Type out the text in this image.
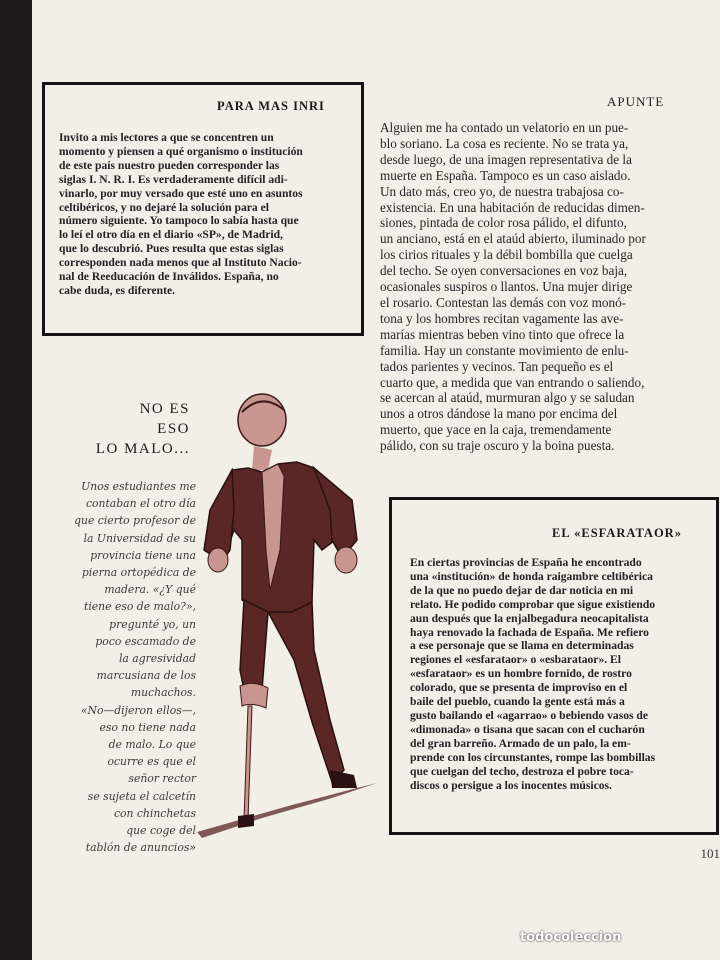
PARA MAS INRI
Invito a mis lectores a que se concentren un
momento y piensen a qué organismo o institución
de este país nuestro pueden corresponder las
siglas I. N. R. I. Es verdaderamente difícil adi-
vinarlo, por muy versado que esté uno en asuntos
celtibéricos, y no dejaré la solución para el
número siguiente. Yo tampoco lo sabía hasta que
lo leí el otro día en el diario «SP», de Madrid,
que lo descubrió. Pues resulta que estas siglas
corresponden nada menos que al Instituto Nacio-
nal de Reeducación de Inválidos. España, no
cabe duda, es diferente.
APUNTE
Alguien me ha contado un velatorio en un pue-
blo soriano. La cosa es reciente. No se trata ya,
desde luego, de una imagen representativa de la
muerte en España. Tampoco es un caso aislado.
Un dato más, creo yo, de nuestra trabajosa co-
existencia. En una habitación de reducidas dimen-
siones, pintada de color rosa pálido, el difunto,
un anciano, está en el ataúd abierto, iluminado por
los cirios rituales y la débil bombilla que cuelga
del techo. Se oyen conversaciones en voz baja,
ocasionales suspiros o llantos. Una mujer dirige
el rosario. Contestan las demás con voz monó-
tona y los hombres recitan vagamente las ave-
marías mientras beben vino tinto que ofrece la
familia. Hay un constante movimiento de enlu-
tados parientes y vecinos. Tan pequeño es el
cuarto que, a medida que van entrando o saliendo,
se acercan al ataúd, murmuran algo y se saludan
unos a otros dándose la mano por encima del
muerto, que yace en la caja, tremendamente
pálido, con su traje oscuro y la boina puesta.
NO ES
ESO
LO MALO...
Unos estudiantes me
contaban el otro día
que cierto profesor de
la Universidad de su
provincia tiene una
pierna ortopédica de
madera. «¿Y qué
tiene eso de malo?»,
pregunté yo, un
poco escamado de
la agresividad
marcusiana de los
muchachos.
«No—dijeron ellos—,
eso no tiene nada
de malo. Lo que
ocurre es que el
señor rector
se sujeta el calcetín
con chinchetas
que coge del
tablón de anuncios»
EL «ESFARATAOR»
En ciertas provincias de España he encontrado
una «institución» de honda raigambre celtibérica
de la que no puedo dejar de dar noticia en mi
relato. He podido comprobar que sigue existiendo
aun después que la enjalbegadura neocapitalista
haya renovado la fachada de España. Me refiero
a ese personaje que se llama en determinadas
regiones el «esfarataor» o «esbarataor». El
«esfarataor» es un hombre fornido, de rostro
colorado, que se presenta de improviso en el
baile del pueblo, cuando la gente está más a
gusto bailando el «agarrao» o bebiendo vasos de
«dimonada» o tisana que sacan con el cucharón
del gran barreño. Armado de un palo, la em-
prende con los circunstantes, rompe las bombillas
que cuelgan del techo, destroza el pobre toca-
discos o persigue a los inocentes músicos.
101
todocoleccion
